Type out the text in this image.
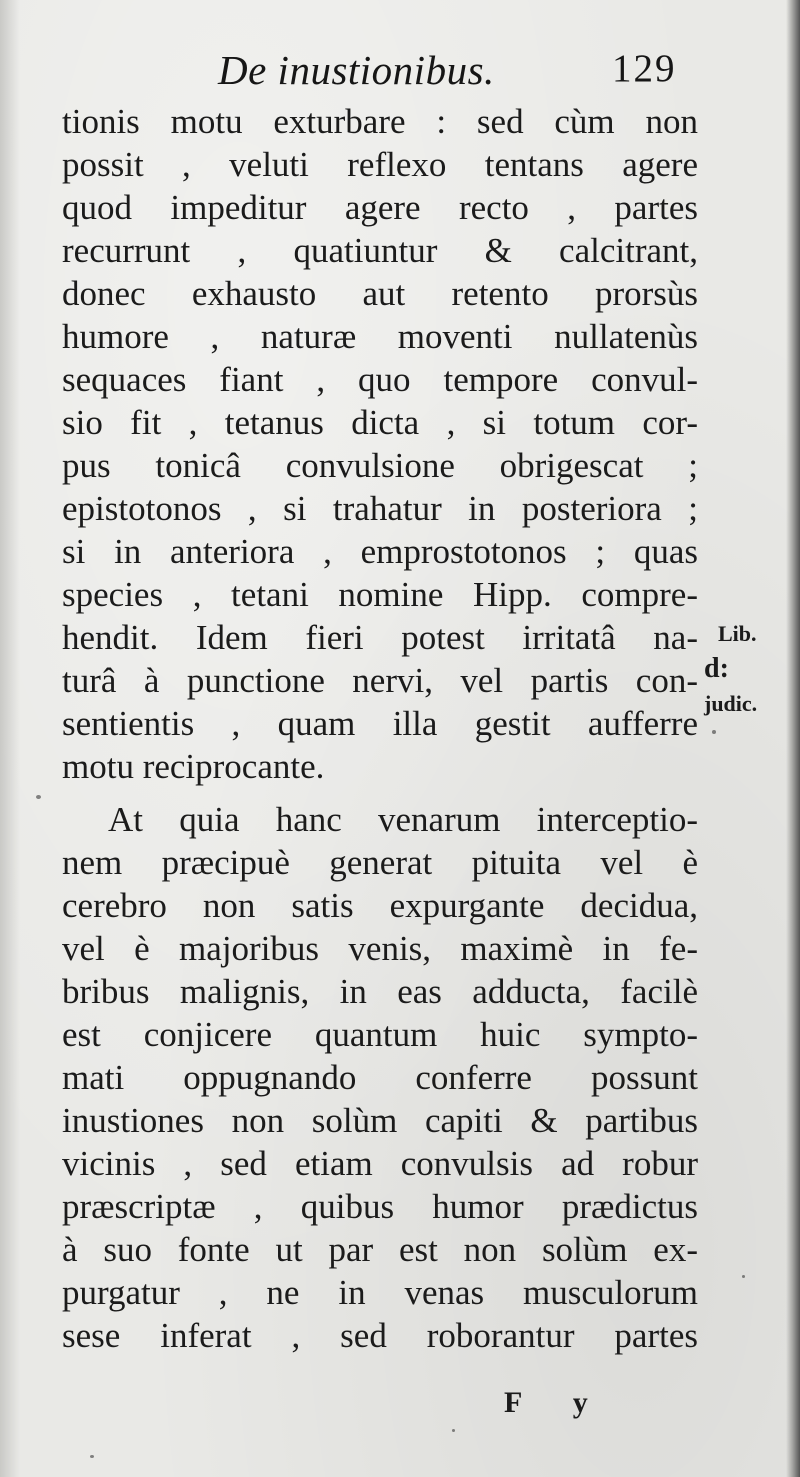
De inustionibus.	129
tionis motu exturbare : sed cùm non
possit , veluti reflexo tentans agere
quod impeditur agere recto , partes
recurrunt , quatiuntur & calcitrant,
donec exhausto aut retento prorsùs
humore , naturæ moventi nullatenùs
sequaces fiant , quo tempore convul-
sio fit , tetanus dicta , si totum cor-
pus tonicâ convulsione obrigescat ;
epistotonos , si trahatur in posteriora ;
si in anteriora , emprostotonos ; quas
species , tetani nomine Hipp. compre-
hendit. Idem fieri potest irritatâ na-
turâ à punctione nervi, vel partis con-
sentientis , quam illa gestit aufferre
motu reciprocante.
At quia hanc venarum interceptio-
nem præcipuè generat pituita vel è
cerebro non satis expurgante decidua,
vel è majoribus venis, maximè in fe-
bribus malignis, in eas adducta, facilè
est conjicere quantum huic sympto-
mati oppugnando conferre possunt
inustiones non solùm capiti & partibus
vicinis , sed etiam convulsis ad robur
præscriptæ , quibus humor prædictus
à suo fonte ut par est non solùm ex-
purgatur , ne in venas musculorum
sese inferat , sed roborantur partes
Lib.
d:
judic.
F y
